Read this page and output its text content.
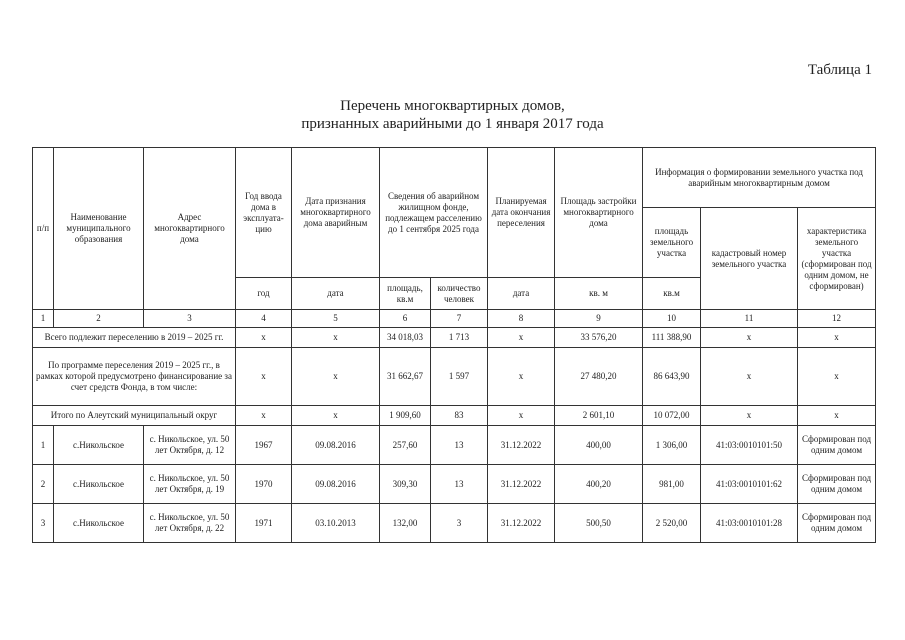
Таблица 1
Перечень многоквартирных домов,
признанных аварийными до 1 января 2017 года
п/п	Наименование муниципального образования	Адрес многоквартирного дома	Год ввода дома в эксплуата-цию	Дата признания многоквартирного дома аварийным	Сведения об аварийном жилищном фонде, подлежащем расселению до 1 сентября 2025 года		Планируемая дата окончания переселения	Площадь застройки многоквартирного дома	Информация о формировании земельного участка под аварийным многоквартирным домом		
									площадь земельного участка	кадастровый номер земельного участка	характеристика земельного участка (сформирован под одним домом, не сформирован)
			год	дата	площадь, кв.м	количество человек	дата	кв. м	кв.м		
1	2	3	4	5	6	7	8	9	10	11	12
Всего подлежит переселению в 2019 – 2025 гг.			х	х	34 018,03	1 713	х	33 576,20	111 388,90	х	х
По программе переселения 2019 – 2025 гг., в рамках которой предусмотрено финансирование за счет средств Фонда, в том числе:			х	х	31 662,67	1 597	х	27 480,20	86 643,90	х	х
Итого по Алеутский муниципальный округ			х	х	1 909,60	83	х	2 601,10	10 072,00	х	х
1	с.Никольское	с. Никольское, ул. 50 лет Октября, д. 12	1967	09.08.2016	257,60	13	31.12.2022	400,00	1 306,00	41:03:0010101:50	Сформирован под одним домом
2	с.Никольское	с. Никольское, ул. 50 лет Октября, д. 19	1970	09.08.2016	309,30	13	31.12.2022	400,20	981,00	41:03:0010101:62	Сформирован под одним домом
3	с.Никольское	с. Никольское, ул. 50 лет Октября, д. 22	1971	03.10.2013	132,00	3	31.12.2022	500,50	2 520,00	41:03:0010101:28	Сформирован под одним домом
